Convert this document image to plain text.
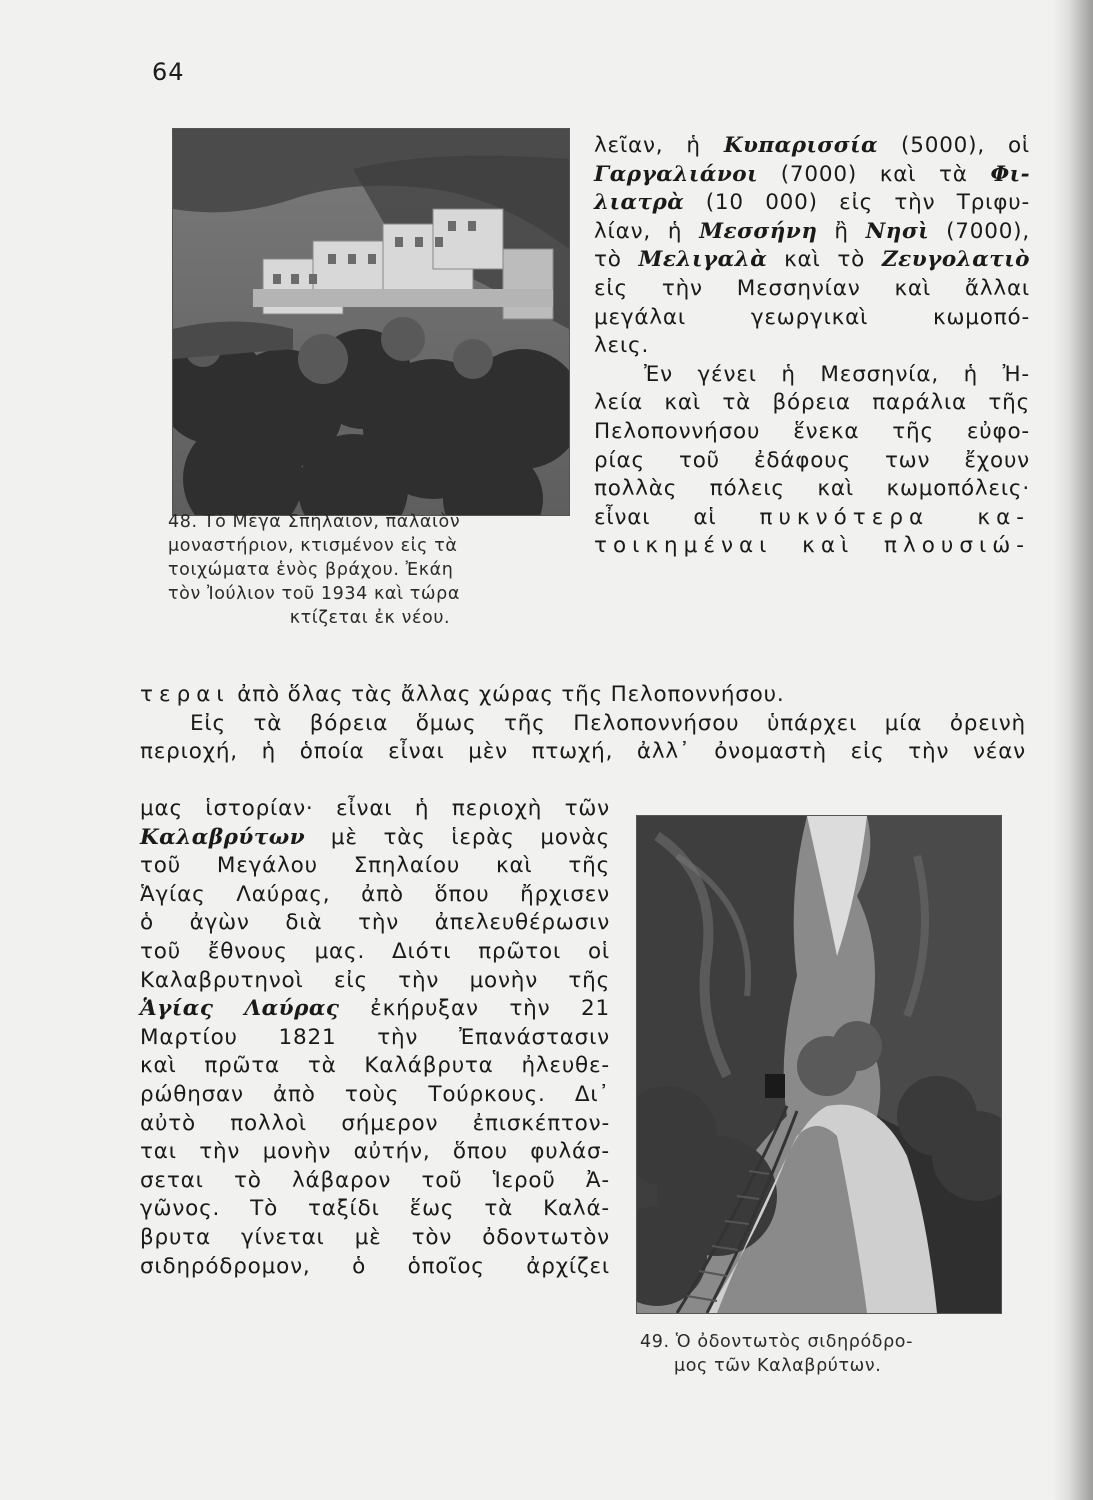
64
48. Τὸ Μέγα Σπήλαιον, παλαιὸν
μοναστήριον, κτισμένον εἰς τὰ
τοιχώματα ἑνὸς βράχου. Ἐκάη
τὸν Ἰούλιον τοῦ 1934 καὶ τώρα
κτίζεται ἐκ νέου.
λεῖαν, ἡ Κυπαρισσία (5000), οἱ
Γαργαλιάνοι (7000) καὶ τὰ Φι-
λιατρὰ (10 000) εἰς τὴν Τριφυ-
λίαν, ἡ Μεσσήνη ἢ Νησὶ (7000),
τὸ Μελιγαλὰ καὶ τὸ Ζευγολατιὸ
εἰς τὴν Μεσσηνίαν καὶ ἄλλαι
μεγάλαι γεωργικαὶ κωμοπό-
λεις.
Ἐν γένει ἡ Μεσσηνία, ἡ Ἠ-
λεία καὶ τὰ βόρεια παράλια τῆς
Πελοποννήσου ἕνεκα τῆς εὐφο-
ρίας τοῦ ἐδάφους των ἔχουν
πολλὰς πόλεις καὶ κωμοπόλεις·
εἶναι αἱ πυκνότερα κα-
τοικημέναι καὶ πλουσιώ-
τεραι ἀπὸ ὅλας τὰς ἄλλας χώρας τῆς Πελοποννήσου.
Εἰς τὰ βόρεια ὅμως τῆς Πελοποννήσου ὑπάρχει μία ὀρεινὴ
περιοχή, ἡ ὁποία εἶναι μὲν πτωχή, ἀλλ᾽ ὀνομαστὴ εἰς τὴν νέαν
μας ἱστορίαν· εἶναι ἡ περιοχὴ τῶν
Καλαβρύτων μὲ τὰς ἱερὰς μονὰς
τοῦ Μεγάλου Σπηλαίου καὶ τῆς
Ἁγίας Λαύρας, ἀπὸ ὅπου ἤρχισεν
ὁ ἀγὼν διὰ τὴν ἀπελευθέρωσιν
τοῦ ἔθνους μας. Διότι πρῶτοι οἱ
Καλαβρυτηνοὶ εἰς τὴν μονὴν τῆς
Ἁγίας Λαύρας ἐκήρυξαν τὴν 21
Μαρτίου 1821 τὴν Ἐπανάστασιν
καὶ πρῶτα τὰ Καλάβρυτα ἠλευθε-
ρώθησαν ἀπὸ τοὺς Τούρκους. Δι᾽
αὐτὸ πολλοὶ σήμερον ἐπισκέπτον-
ται τὴν μονὴν αὐτήν, ὅπου φυλάσ-
σεται τὸ λάβαρον τοῦ Ἱεροῦ Ἀ-
γῶνος. Τὸ ταξίδι ἕως τὰ Καλά-
βρυτα γίνεται μὲ τὸν ὀδοντωτὸν
σιδηρόδρομον, ὁ ὁποῖος ἀρχίζει
49. Ὁ ὀδοντωτὸς σιδηρόδρο-
μος τῶν Καλαβρύτων.
